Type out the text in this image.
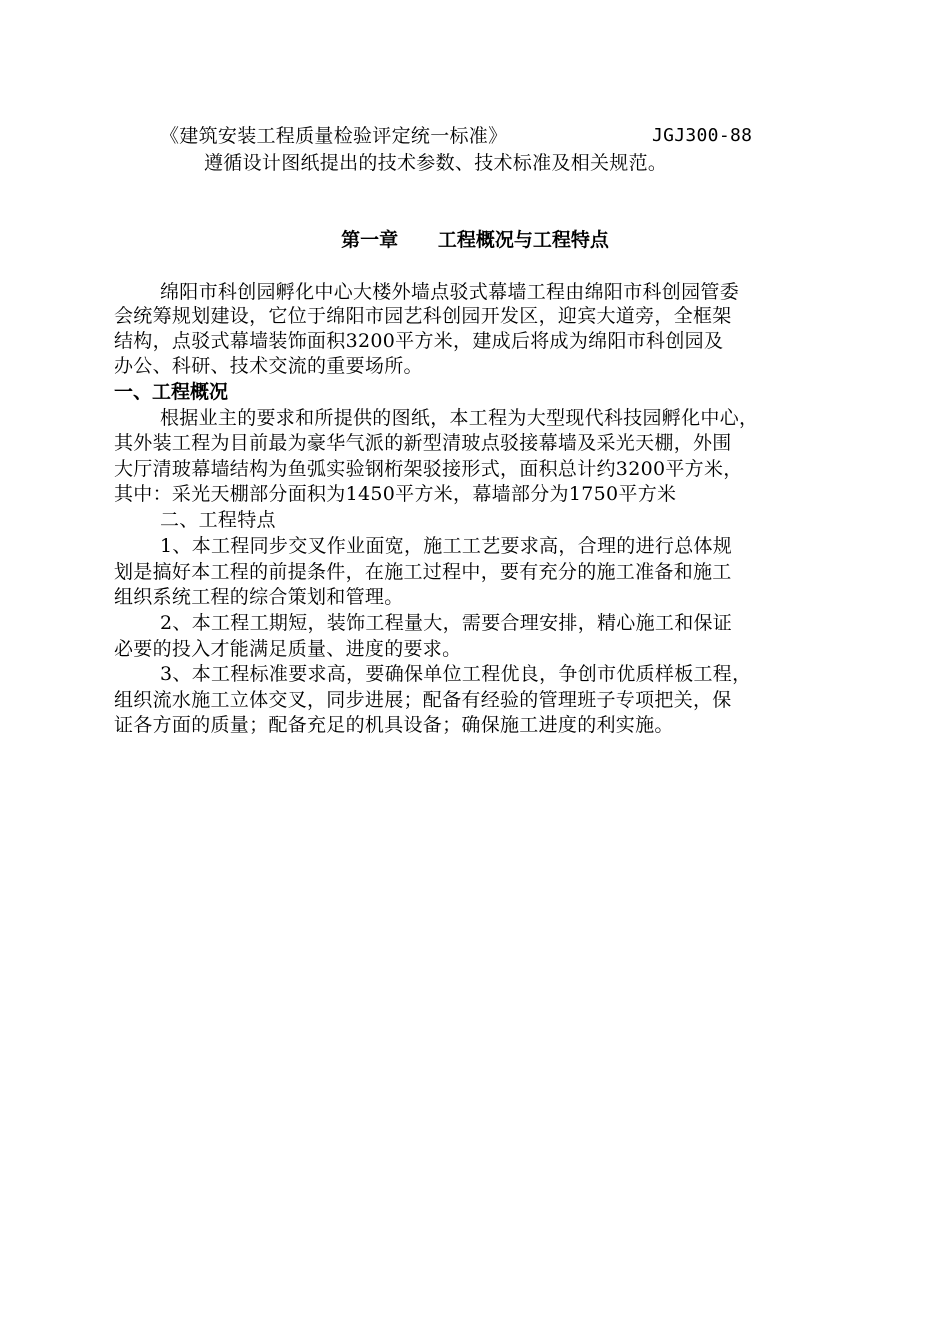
《建筑安装工程质量检验评定统一标准》	JGJ300-88
遵循设计图纸提出的技术参数、技术标准及相关规范。
第一章      工程概况与工程特点
绵阳市科创园孵化中心大楼外墙点驳式幕墙工程由绵阳市科创园管委
会统筹规划建设，它位于绵阳市园艺科创园开发区，迎宾大道旁，全框架
结构，点驳式幕墙装饰面积3200平方米，建成后将成为绵阳市科创园及
办公、科研、技术交流的重要场所。
一、工程概况
根据业主的要求和所提供的图纸，本工程为大型现代科技园孵化中心，
其外装工程为目前最为豪华气派的新型清玻点驳接幕墙及采光天棚，外围
大厅清玻幕墙结构为鱼弧实验钢桁架驳接形式，面积总计约3200平方米，
其中：采光天棚部分面积为1450平方米，幕墙部分为1750平方米
二、工程特点
1、本工程同步交叉作业面宽，施工工艺要求高，合理的进行总体规
划是搞好本工程的前提条件，在施工过程中，要有充分的施工准备和施工
组织系统工程的综合策划和管理。
2、本工程工期短，装饰工程量大，需要合理安排，精心施工和保证
必要的投入才能满足质量、进度的要求。
3、本工程标准要求高，要确保单位工程优良，争创市优质样板工程，
组织流水施工立体交叉，同步进展；配备有经验的管理班子专项把关，保
证各方面的质量；配备充足的机具设备；确保施工进度的利实施。
